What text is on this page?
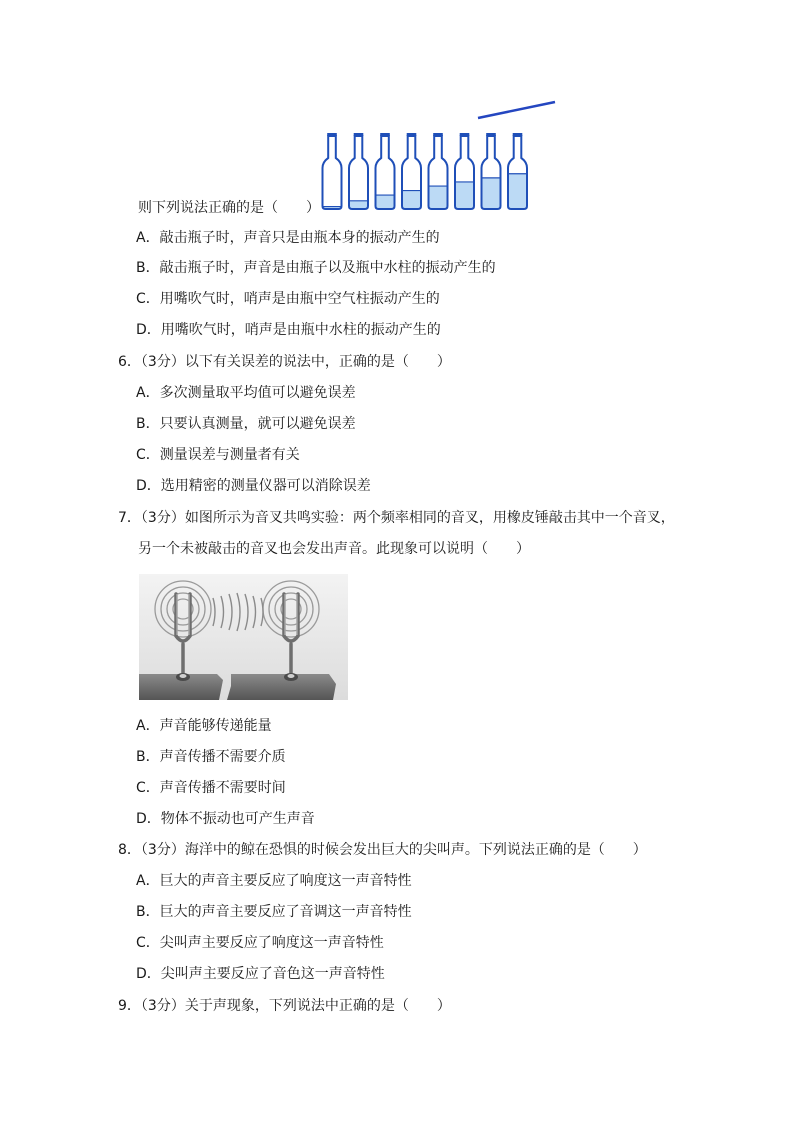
则下列说法正确的是（　　）
A．敲击瓶子时，声音只是由瓶本身的振动产生的
B．敲击瓶子时，声音是由瓶子以及瓶中水柱的振动产生的
C．用嘴吹气时，哨声是由瓶中空气柱振动产生的
D．用嘴吹气时，哨声是由瓶中水柱的振动产生的
6．（3分）以下有关误差的说法中，正确的是（　　）
A．多次测量取平均值可以避免误差
B．只要认真测量，就可以避免误差
C．测量误差与测量者有关
D．选用精密的测量仪器可以消除误差
7．（3分）如图所示为音叉共鸣实验：两个频率相同的音叉，用橡皮锤敲击其中一个音叉，
另一个未被敲击的音叉也会发出声音。此现象可以说明（　　）
A．声音能够传递能量
B．声音传播不需要介质
C．声音传播不需要时间
D．物体不振动也可产生声音
8．（3分）海洋中的鲸在恐惧的时候会发出巨大的尖叫声。下列说法正确的是（　　）
A．巨大的声音主要反应了响度这一声音特性
B．巨大的声音主要反应了音调这一声音特性
C．尖叫声主要反应了响度这一声音特性
D．尖叫声主要反应了音色这一声音特性
9．（3分）关于声现象，下列说法中正确的是（　　）
